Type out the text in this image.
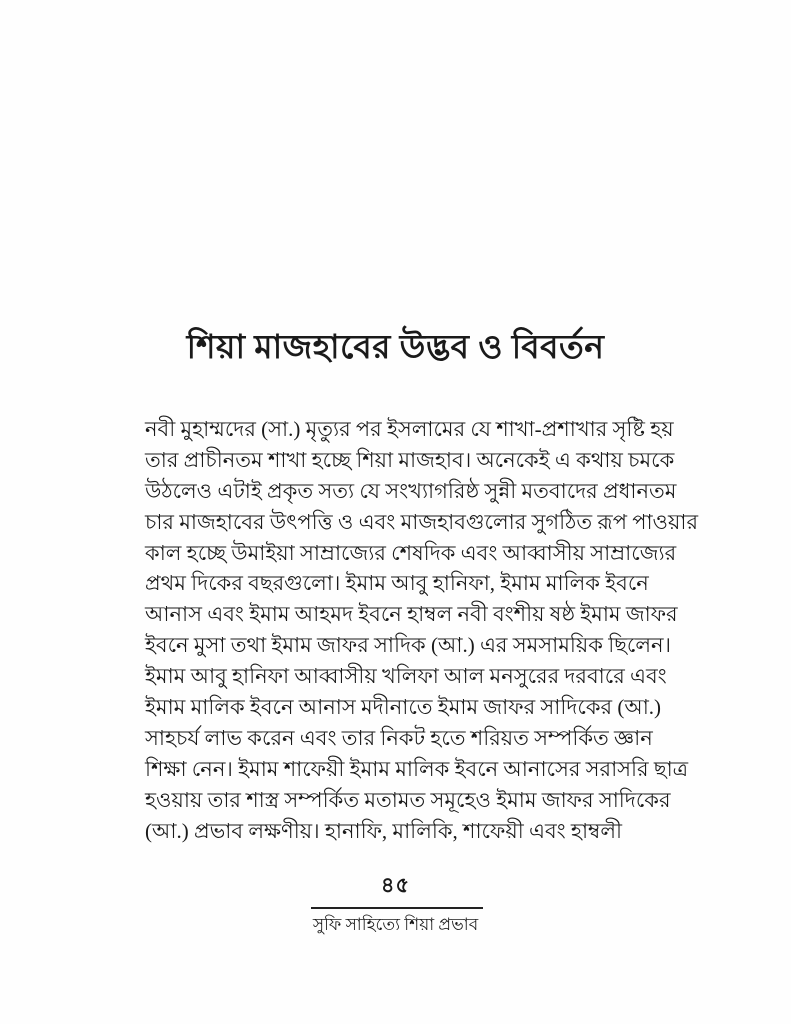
শিয়া মাজহাবের উদ্ভব ও বিবর্তন
নবী মুহাম্মদের (সা.) মৃত্যুর পর ইসলামের যে শাখা-প্রশাখার সৃষ্টি হয়
তার প্রাচীনতম শাখা হচ্ছে শিয়া মাজহাব। অনেকেই এ কথায় চমকে
উঠলেও এটাই প্রকৃত সত্য যে সংখ্যাগরিষ্ঠ সুন্নী মতবাদের প্রধানতম
চার মাজহাবের উৎপত্তি ও এবং মাজহাবগুলোর সুগঠিত রূপ পাওয়ার
কাল হচ্ছে উমাইয়া সাম্রাজ্যের শেষদিক এবং আব্বাসীয় সাম্রাজ্যের
প্রথম দিকের বছরগুলো। ইমাম আবু হানিফা, ইমাম মালিক ইবনে
আনাস এবং ইমাম আহমদ ইবনে হাম্বল নবী বংশীয় ষষ্ঠ ইমাম জাফর
ইবনে মুসা তথা ইমাম জাফর সাদিক (আ.) এর সমসাময়িক ছিলেন।
ইমাম আবু হানিফা আব্বাসীয় খলিফা আল মনসুরের দরবারে এবং
ইমাম মালিক ইবনে আনাস মদীনাতে ইমাম জাফর সাদিকের (আ.)
সাহচর্য লাভ করেন এবং তার নিকট হতে শরিয়ত সম্পর্কিত জ্ঞান
শিক্ষা নেন। ইমাম শাফেয়ী ইমাম মালিক ইবনে আনাসের সরাসরি ছাত্র
হওয়ায় তার শাস্ত্র সম্পর্কিত মতামত সমূহেও ইমাম জাফর সাদিকের
(আ.) প্রভাব লক্ষণীয়। হানাফি, মালিকি, শাফেয়ী এবং হাম্বলী
৪৫
সুফি সাহিত্যে শিয়া প্রভাব
